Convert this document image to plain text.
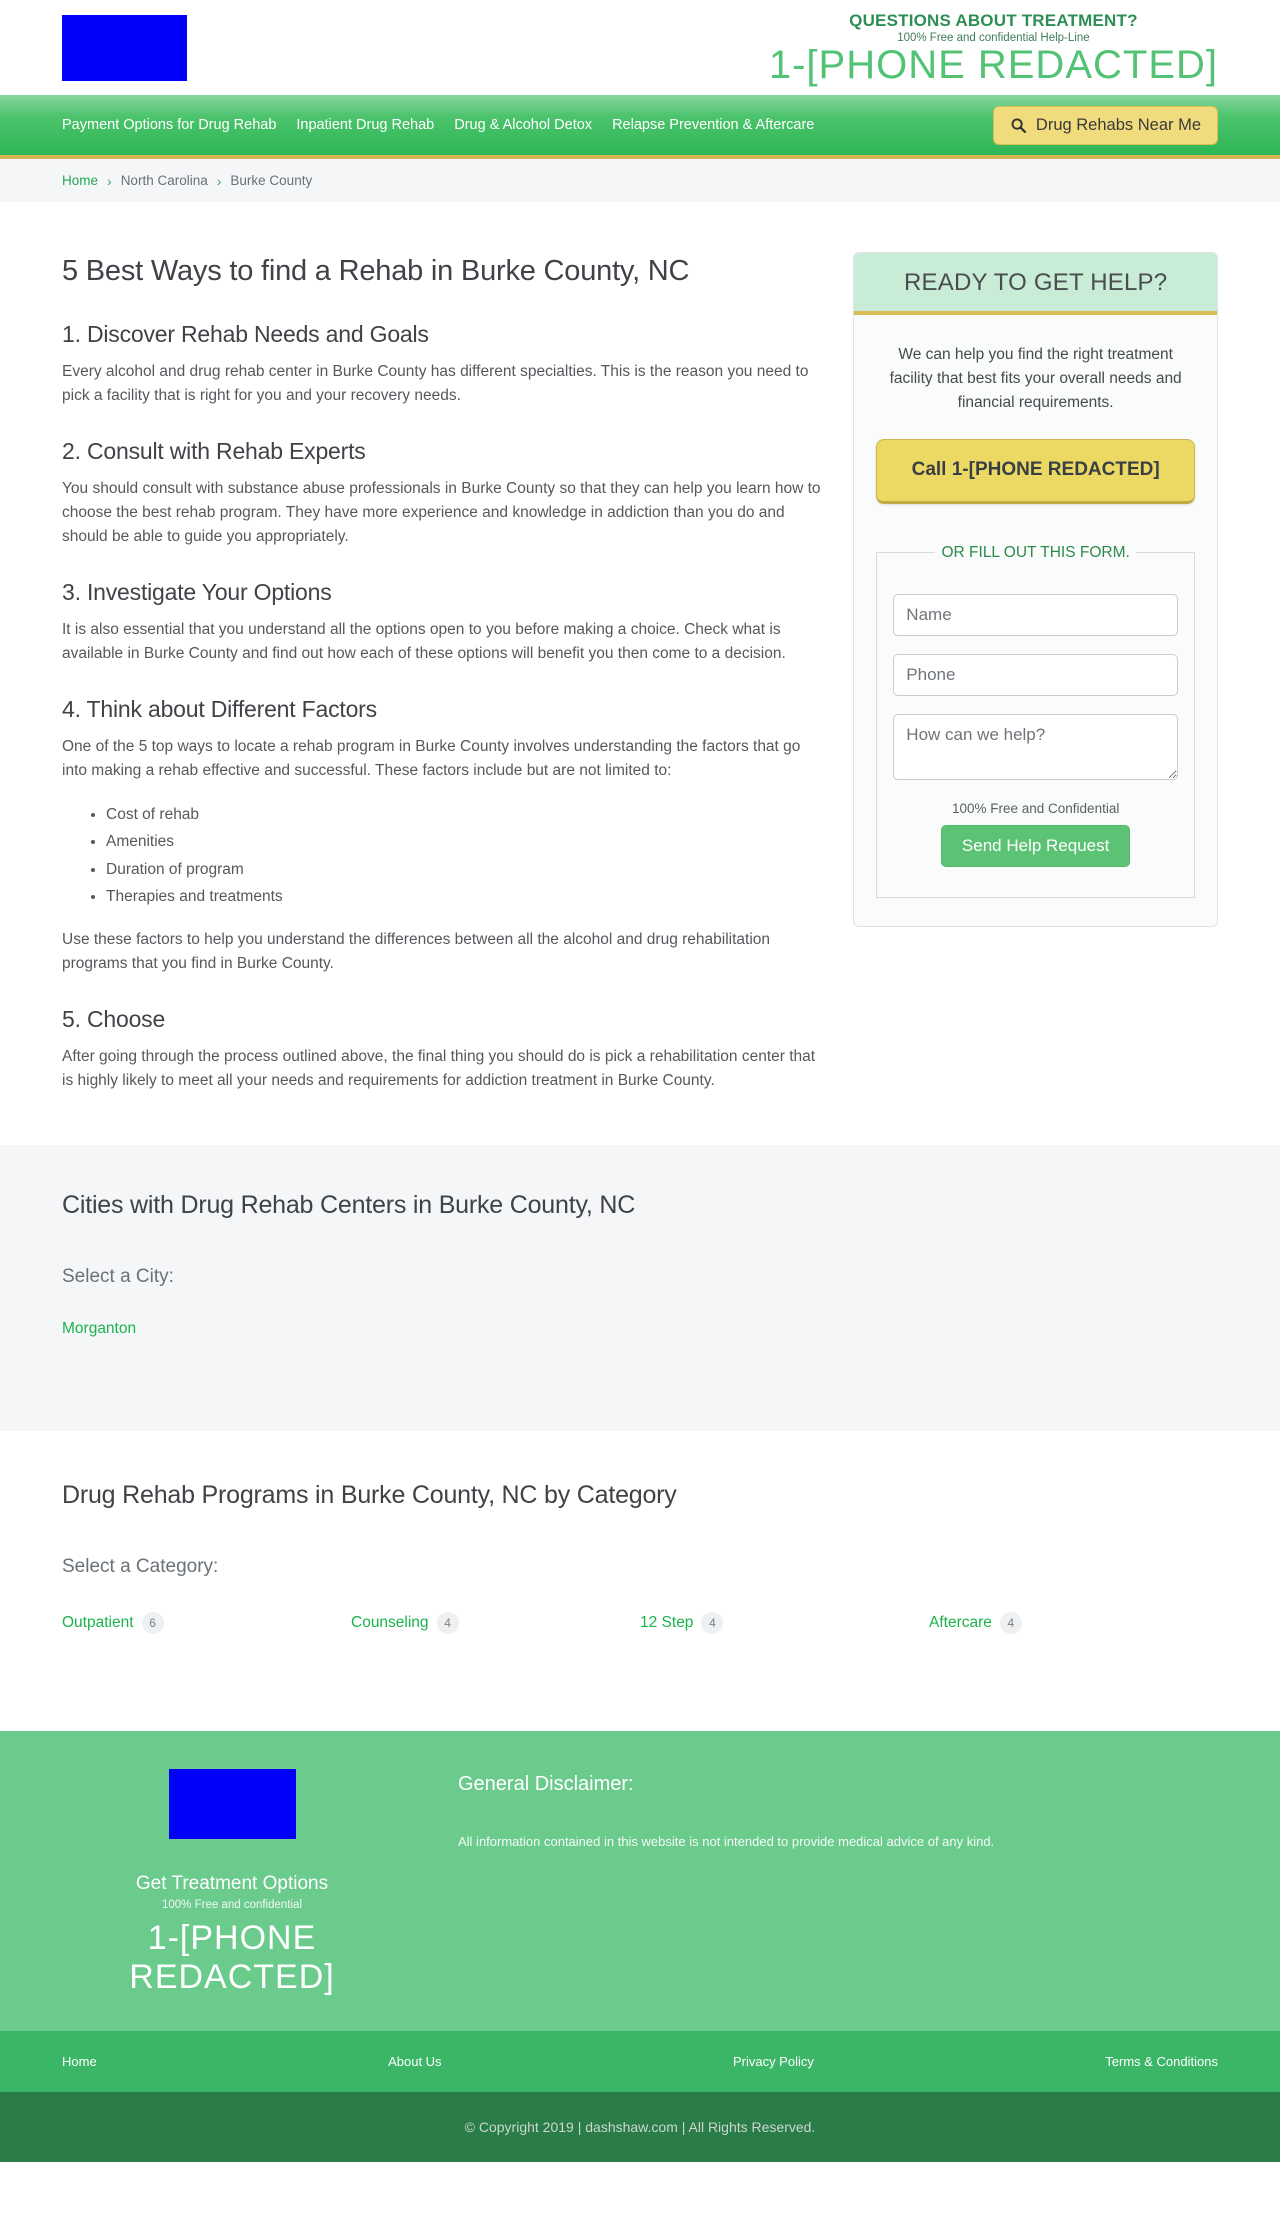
QUESTIONS ABOUT TREATMENT?
100% Free and confidential Help-Line
1-[PHONE REDACTED]
Payment Options for Drug Rehab Inpatient Drug Rehab Drug & Alcohol Detox Relapse Prevention & Aftercare	Drug Rehabs Near Me
Home › North Carolina › Burke County
5 Best Ways to find a Rehab in Burke County, NC
1. Discover Rehab Needs and Goals

Every alcohol and drug rehab center in Burke County has different specialties. This is the reason you need to pick a facility that is right for you and your recovery needs.

2. Consult with Rehab Experts

You should consult with substance abuse professionals in Burke County so that they can help you learn how to choose the best rehab program. They have more experience and knowledge in addiction than you do and should be able to guide you appropriately.

3. Investigate Your Options

It is also essential that you understand all the options open to you before making a choice. Check what is available in Burke County and find out how each of these options will benefit you then come to a decision.

4. Think about Different Factors

One of the 5 top ways to locate a rehab program in Burke County involves understanding the factors that go into making a rehab effective and successful. These factors include but are not limited to:

• Cost of rehab
• Amenities
• Duration of program
• Therapies and treatments

Use these factors to help you understand the differences between all the alcohol and drug rehabilitation programs that you find in Burke County.

5. Choose

After going through the process outlined above, the final thing you should do is pick a rehabilitation center that is highly likely to meet all your needs and requirements for addiction treatment in Burke County.

READY TO GET HELP?

We can help you find the right treatment facility that best fits your overall needs and financial requirements.

Call 1-[PHONE REDACTED]
OR FILL OUT THIS FORM.
Name Phone How can we help?
100% Free and Confidential
Send Help Request
Cities with Drug Rehab Centers in Burke County, NC
Select a City:
Morganton
Drug Rehab Programs in Burke County, NC by Category
Select a Category:
Outpatient	6	Counseling	4	12 Step	4	Aftercare	4
Get Treatment Options
100% Free and confidential
1-[PHONE REDACTED]
General Disclaimer:
All information contained in this website is not intended to provide medical advice of any kind.
Home	About Us	Privacy Policy	Terms & Conditions
© Copyright 2019 | dashshaw.com | All Rights Reserved.
